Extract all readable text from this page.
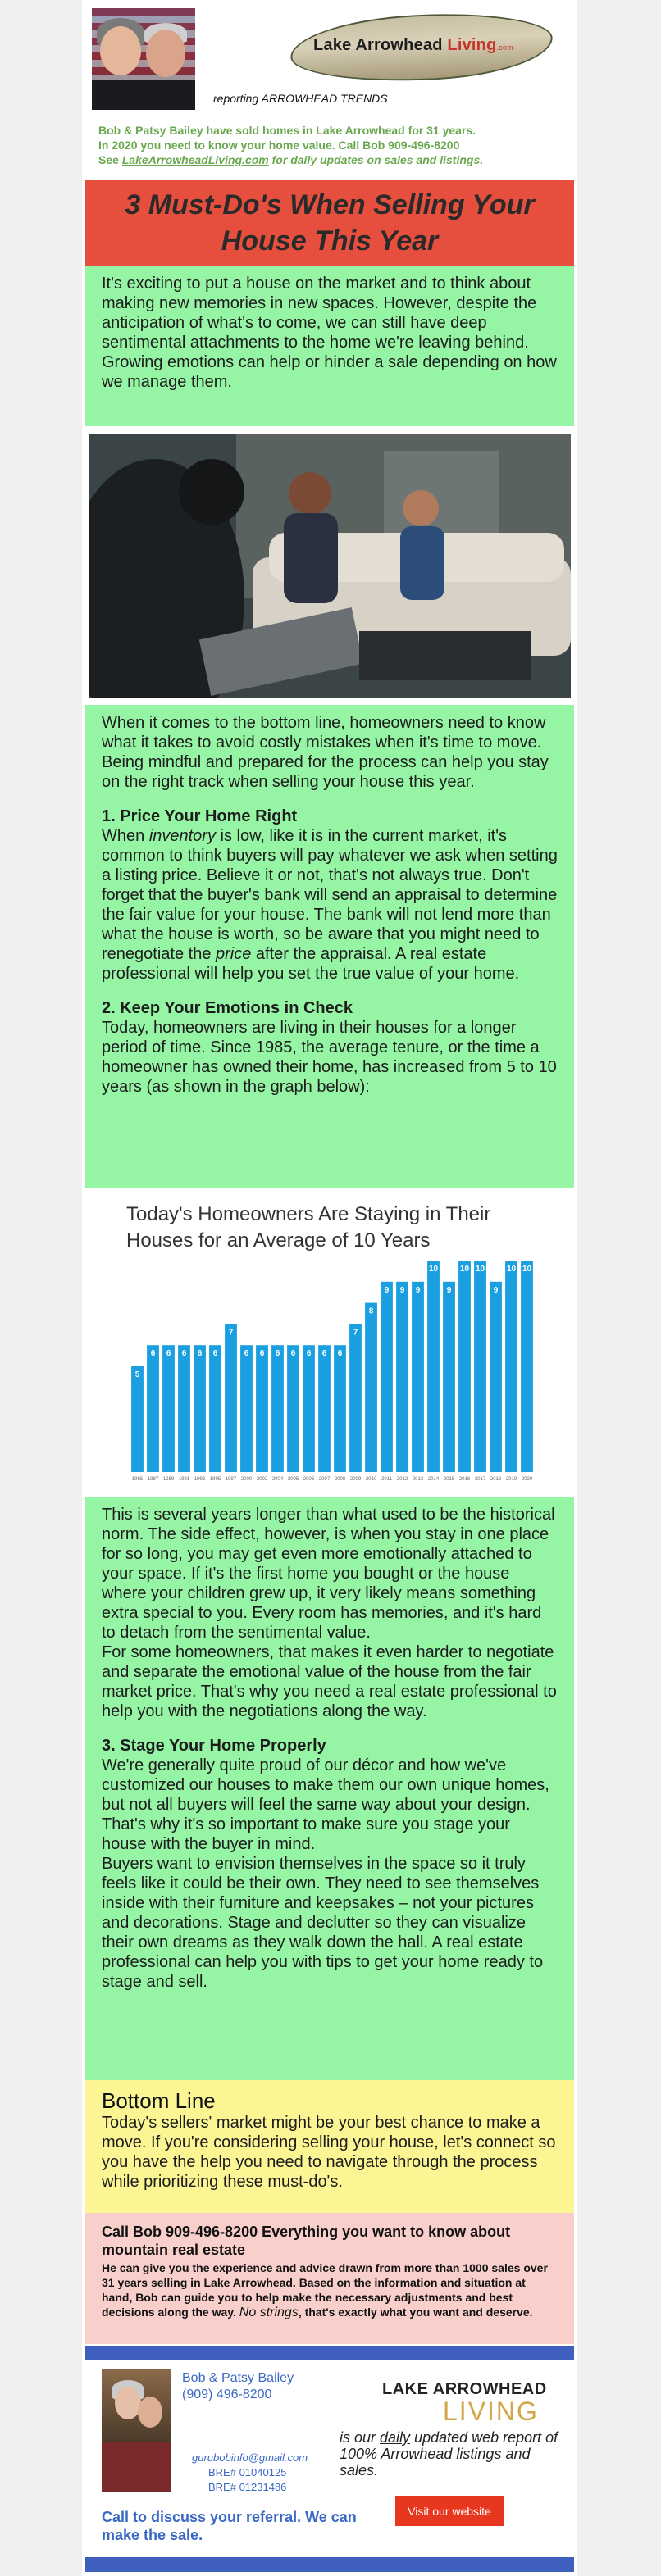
Lake Arrowhead Living.com
reporting ARROWHEAD TRENDS
Bob & Patsy Bailey have sold homes in Lake Arrowhead for 31 years.
In 2020 you need to know your home value. Call Bob 909-496-8200
See LakeArrowheadLiving.com for daily updates on sales and listings.
3 Must-Do's When Selling Your House This Year

It's exciting to put a house on the market and to think about making new memories in new spaces. However, despite the anticipation of what's to come, we can still have deep sentimental attachments to the home we're leaving behind. Growing emotions can help or hinder a sale depending on how we manage them.

When it comes to the bottom line, homeowners need to know what it takes to avoid costly mistakes when it's time to move. Being mindful and prepared for the process can help you stay on the right track when selling your house this year.

1. Price Your Home Right

When inventory is low, like it is in the current market, it's common to think buyers will pay whatever we ask when setting a listing price. Believe it or not, that's not always true. Don't forget that the buyer's bank will send an appraisal to determine the fair value for your house. The bank will not lend more than what the house is worth, so be aware that you might need to renegotiate the price after the appraisal. A real estate professional will help you set the true value of your home.

2. Keep Your Emotions in Check

Today, homeowners are living in their houses for a longer period of time. Since 1985, the average tenure, or the time a homeowner has owned their home, has increased from 5 to 10 years (as shown in the graph below):

Today's Homeowners Are Staying in Their Houses for an Average of 10 Years
5
1985
6
1987
6
1989
6
1991
6
1993
6
1995
7
1997
6
2000
6
2002
6
2004
6
2005
6
2006
6
2007
6
2008
7
2009
8
2010
9
2011
9
2012
9
2013
10
2014
9
2015
10
2016
10
2017
9
2018
10
2019
10
2020

This is several years longer than what used to be the historical norm. The side effect, however, is when you stay in one place for so long, you may get even more emotionally attached to your space. If it's the first home you bought or the house where your children grew up, it very likely means something extra special to you. Every room has memories, and it's hard to detach from the sentimental value.

For some homeowners, that makes it even harder to negotiate and separate the emotional value of the house from the fair market price. That's why you need a real estate professional to help you with the negotiations along the way.

3. Stage Your Home Properly

We're generally quite proud of our décor and how we've customized our houses to make them our own unique homes, but not all buyers will feel the same way about your design. That's why it's so important to make sure you stage your house with the buyer in mind.

Buyers want to envision themselves in the space so it truly feels like it could be their own. They need to see themselves inside with their furniture and keepsakes – not your pictures and decorations. Stage and declutter so they can visualize their own dreams as they walk down the hall. A real estate professional can help you with tips to get your home ready to stage and sell.

Bottom Line

Today's sellers' market might be your best chance to make a move. If you're considering selling your house, let's connect so you have the help you need to navigate through the process while prioritizing these must-do's.

Call Bob 909-496-8200 Everything you want to know about mountain real estate

He can give you the experience and advice drawn from more than 1000 sales over 31 years selling in Lake Arrowhead. Based on the information and situation at hand, Bob can guide you to help make the necessary adjustments and best decisions along the way. No strings, that's exactly what you want and deserve.

Bob & Patsy Bailey
(909) 496-8200
gurubobinfo@gmail.com
BRE# 01040125
BRE# 01231486
Call to discuss your referral. We can make the sale.
LAKE ARROWHEAD
LIVING
is our daily updated web report of 100% Arrowhead listings and sales.
Visit our website
